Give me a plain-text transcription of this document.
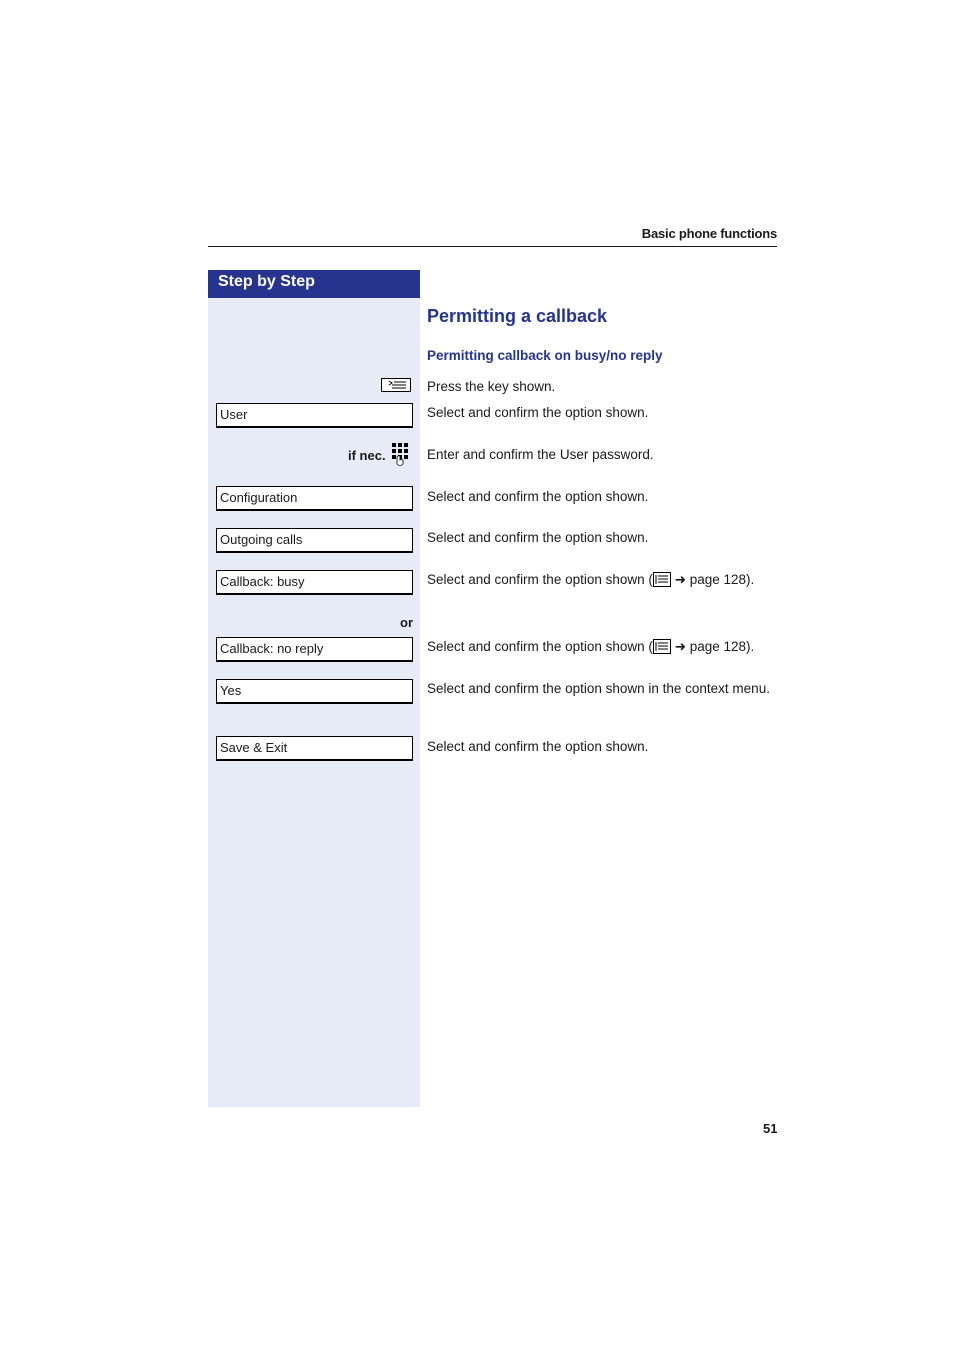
Basic phone functions
Step by Step
Permitting a callback
Permitting callback on busy/no reply
Press the key shown.
User	Select and confirm the option shown.
if nec.	Enter and confirm the User password.
Configuration	Select and confirm the option shown.
Outgoing calls	Select and confirm the option shown.
Callback: busy	Select and confirm the option shown ( ➜ page 128).
or
Callback: no reply	Select and confirm the option shown ( ➜ page 128).
Yes	Select and confirm the option shown in the context menu.
Save & Exit	Select and confirm the option shown.
51
